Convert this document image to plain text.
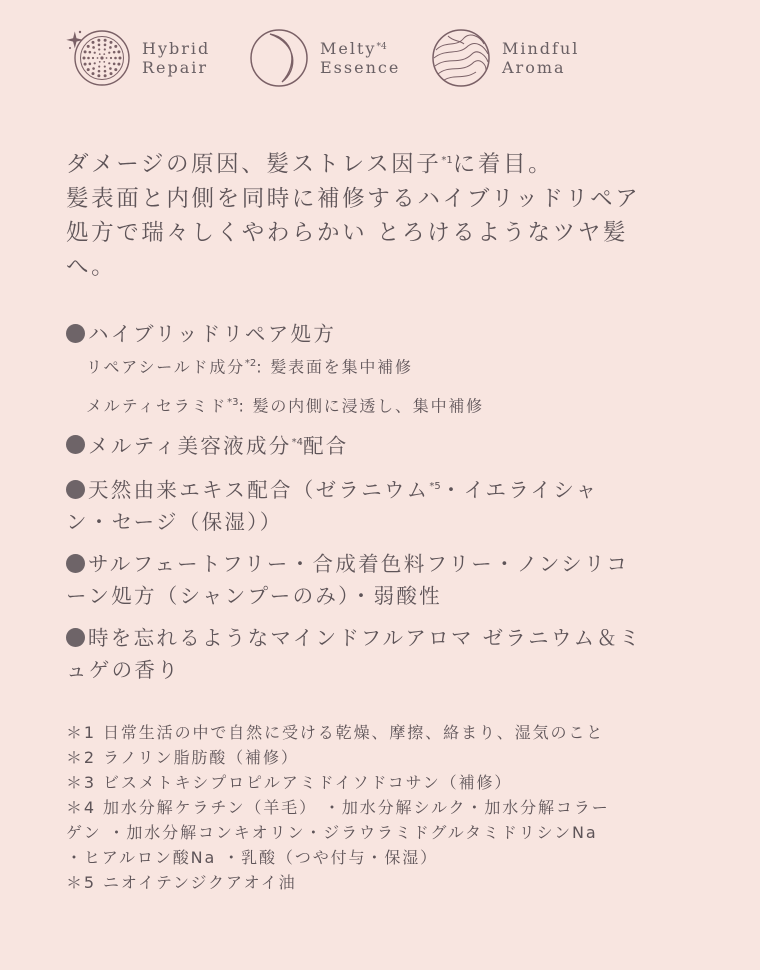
Hybrid
Repair
Melty$^{*4}$
Essence
Mindful
Aroma

ダメージの原因、髪ストレス因子$^{*1}$に着目。

髪表面と内側を同時に補修するハイブリッドリペア

処方で瑞々しくやわらかい とろけるようなツヤ髪

へ。

ハイブリッドリペア処方
リペアシールド成分$^{*2}$: 髪表面を集中補修
メルティセラミド$^{*3}$: 髪の内側に浸透し、集中補修
メルティ美容液成分$^{*4}$配合
天然由来エキス配合（ゼラニウム$^{*5}$・イエライシャ
ン・セージ（保湿））
サルフェートフリー・合成着色料フリー・ノンシリコ
ーン処方（シャンプーのみ）・弱酸性
時を忘れるようなマインドフルアロマ ゼラニウム＆ミ
ュゲの香り
＊1 日常生活の中で自然に受ける乾燥、摩擦、絡まり、湿気のこと
＊2 ラノリン脂肪酸（補修）
＊3 ビスメトキシプロピルアミドイソドコサン（補修）
＊4 加水分解ケラチン（羊毛） ・加水分解シルク・加水分解コラー
ゲン ・加水分解コンキオリン・ジラウラミドグルタミドリシンNa
・ヒアルロン酸Na ・乳酸（つや付与・保湿）
＊5 ニオイテンジクアオイ油
